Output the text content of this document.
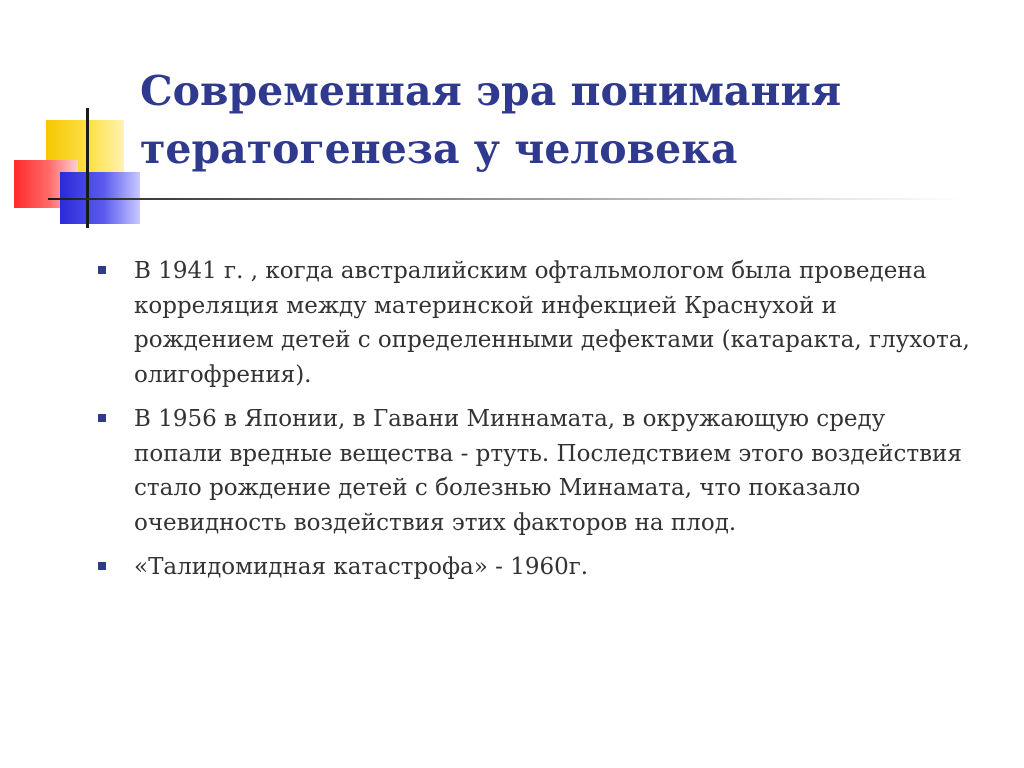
Современная эра понимания
тератогенеза у человека
В 1941 г. , когда австралийским офтальмологом была проведена корреляция между материнской инфекцией Краснухой и рождением детей с определенными дефектами (катаракта, глухота, олигофрения).
В 1956 в Японии, в Гавани Миннамата, в окружающую среду попали вредные вещества - ртуть. Последствием этого воздействия стало рождение детей с болезнью Минамата, что показало очевидность воздействия этих факторов на плод.
«Талидомидная катастрофа» - 1960г.
